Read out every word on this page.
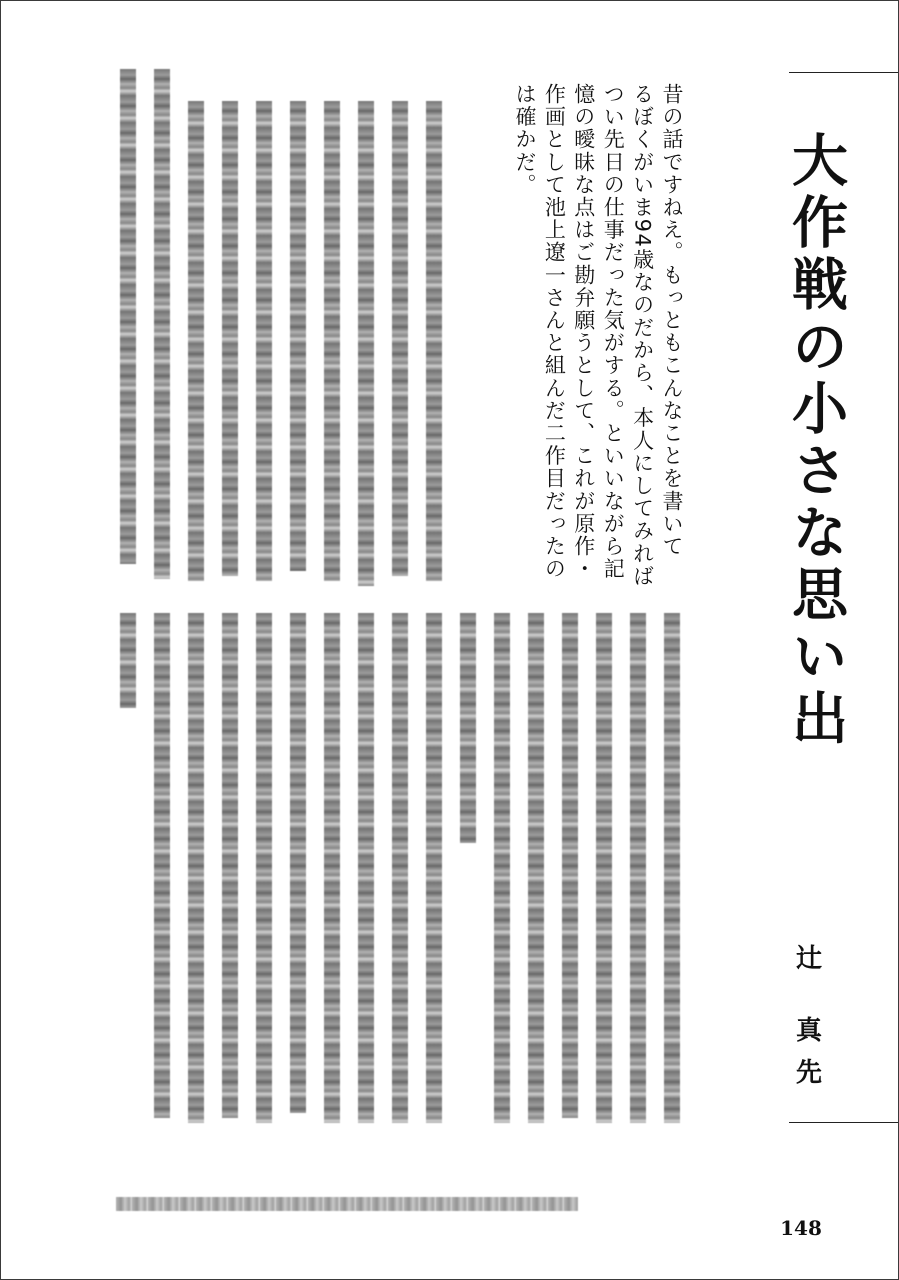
大作戦の小さな思い出
辻
真
先
昔の話ですねえ。もっともこんなことを書いて
るぼくがいま94歳なのだから、本人にしてみれば
つい先日の仕事だった気がする。といいながら記
憶の曖昧な点はご勘弁願うとして、これが原作・
作画として池上遼一さんと組んだ二作目だったの
は確かだ。
148
